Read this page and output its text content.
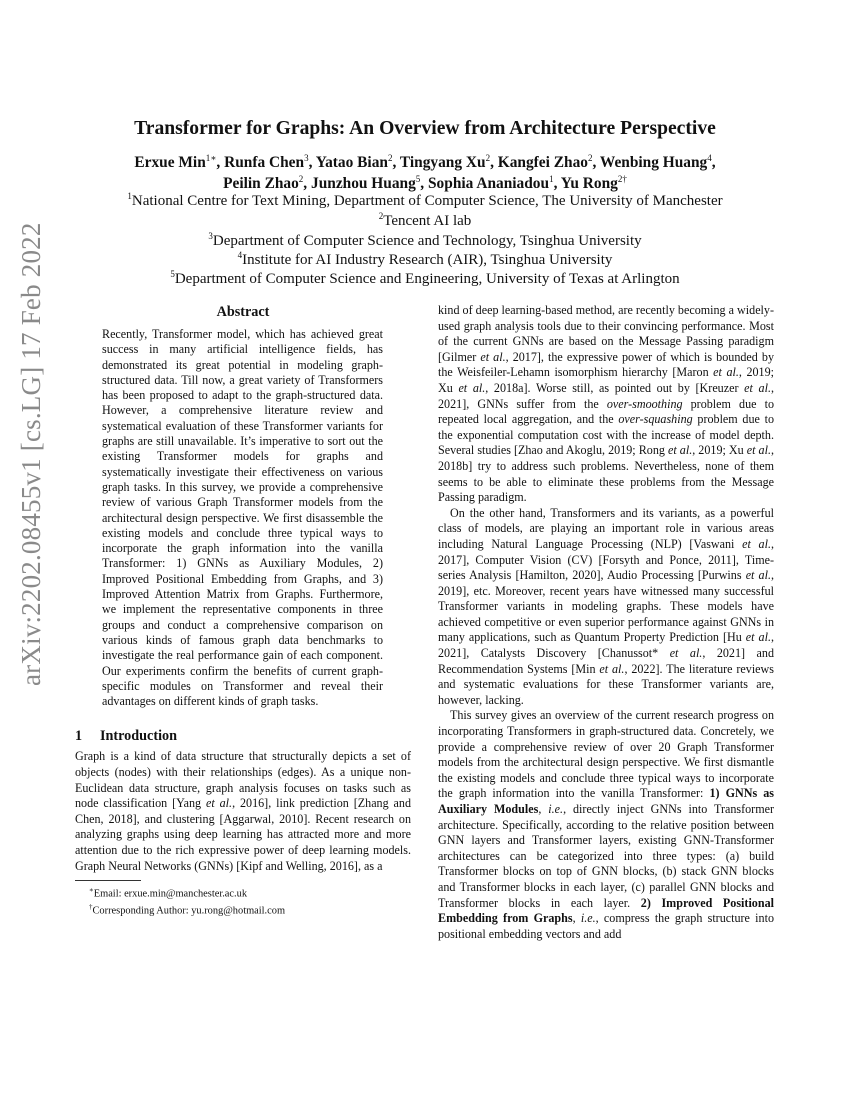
arXiv:2202.08455v1 [cs.LG] 17 Feb 2022
Transformer for Graphs: An Overview from Architecture Perspective
Erxue Min$^{1∗}$, Runfa Chen$^3$, Yatao Bian$^2$, Tingyang Xu$^2$, Kangfei Zhao$^2$, Wenbing Huang$^4$, Peilin Zhao$^2$, Junzhou Huang$^5$, Sophia Ananiadou$^1$, Yu Rong$^{2\dagger}$
$^1$National Centre for Text Mining, Department of Computer Science, The University of Manchester
$^2$Tencent AI lab
$^3$Department of Computer Science and Technology, Tsinghua University
$^4$Institute for AI Industry Research (AIR), Tsinghua University
$^5$Department of Computer Science and Engineering, University of Texas at Arlington
Abstract

Recently, Transformer model, which has achieved great success in many artificial intelligence fields, has demonstrated its great potential in modeling graph-structured data. Till now, a great variety of Transformers has been proposed to adapt to the graph-structured data. However, a comprehensive literature review and systematical evaluation of these Transformer variants for graphs are still unavailable. It’s imperative to sort out the existing Transformer models for graphs and systematically investigate their effectiveness on various graph tasks. In this survey, we provide a comprehensive review of various Graph Transformer models from the architectural design perspective. We first disassemble the existing models and conclude three typical ways to incorporate the graph information into the vanilla Transformer: 1) GNNs as Auxiliary Modules, 2) Improved Positional Embedding from Graphs, and 3) Improved Attention Matrix from Graphs. Furthermore, we implement the representative components in three groups and conduct a comprehensive comparison on various kinds of famous graph data benchmarks to investigate the real performance gain of each component. Our experiments confirm the benefits of current graph-specific modules on Transformer and reveal their advantages on different kinds of graph tasks.

1 Introduction

Graph is a kind of data structure that structurally depicts a set of objects (nodes) with their relationships (edges). As a unique non-Euclidean data structure, graph analysis focuses on tasks such as node classification [Yang et al., 2016], link prediction [Zhang and Chen, 2018], and clustering [Aggarwal, 2010]. Recent research on analyzing graphs using deep learning has attracted more and more attention due to the rich expressive power of deep learning models. Graph Neural Networks (GNNs) [Kipf and Welling, 2016], as a

∗Email: erxue.min@manchester.ac.uk
†Corresponding Author: yu.rong@hotmail.com

kind of deep learning-based method, are recently becoming a widely-used graph analysis tools due to their convincing performance. Most of the current GNNs are based on the Message Passing paradigm [Gilmer et al., 2017], the expressive power of which is bounded by the Weisfeiler-Lehamn isomorphism hierarchy [Maron et al., 2019; Xu et al., 2018a]. Worse still, as pointed out by [Kreuzer et al., 2021], GNNs suffer from the over-smoothing problem due to repeated local aggregation, and the over-squashing problem due to the exponential computation cost with the increase of model depth. Several studies [Zhao and Akoglu, 2019; Rong et al., 2019; Xu et al., 2018b] try to address such problems. Nevertheless, none of them seems to be able to eliminate these problems from the Message Passing paradigm.

On the other hand, Transformers and its variants, as a powerful class of models, are playing an important role in various areas including Natural Language Processing (NLP) [Vaswani et al., 2017], Computer Vision (CV) [Forsyth and Ponce, 2011], Time-series Analysis [Hamilton, 2020], Audio Processing [Purwins et al., 2019], etc. Moreover, recent years have witnessed many successful Transformer variants in modeling graphs. These models have achieved competitive or even superior performance against GNNs in many applications, such as Quantum Property Prediction [Hu et al., 2021], Catalysts Discovery [Chanussot* et al., 2021] and Recommendation Systems [Min et al., 2022]. The literature reviews and systematic evaluations for these Transformer variants are, however, lacking.

This survey gives an overview of the current research progress on incorporating Transformers in graph-structured data. Concretely, we provide a comprehensive review of over 20 Graph Transformer models from the architectural design perspective. We first dismantle the existing models and conclude three typical ways to incorporate the graph information into the vanilla Transformer: 1) GNNs as Auxiliary Modules, i.e., directly inject GNNs into Transformer architecture. Specifically, according to the relative position between GNN layers and Transformer layers, existing GNN-Transformer architectures can be categorized into three types: (a) build Transformer blocks on top of GNN blocks, (b) stack GNN blocks and Transformer blocks in each layer, (c) parallel GNN blocks and Transformer blocks in each layer. 2) Improved Positional Embedding from Graphs, i.e., compress the graph structure into positional embedding vectors and add
